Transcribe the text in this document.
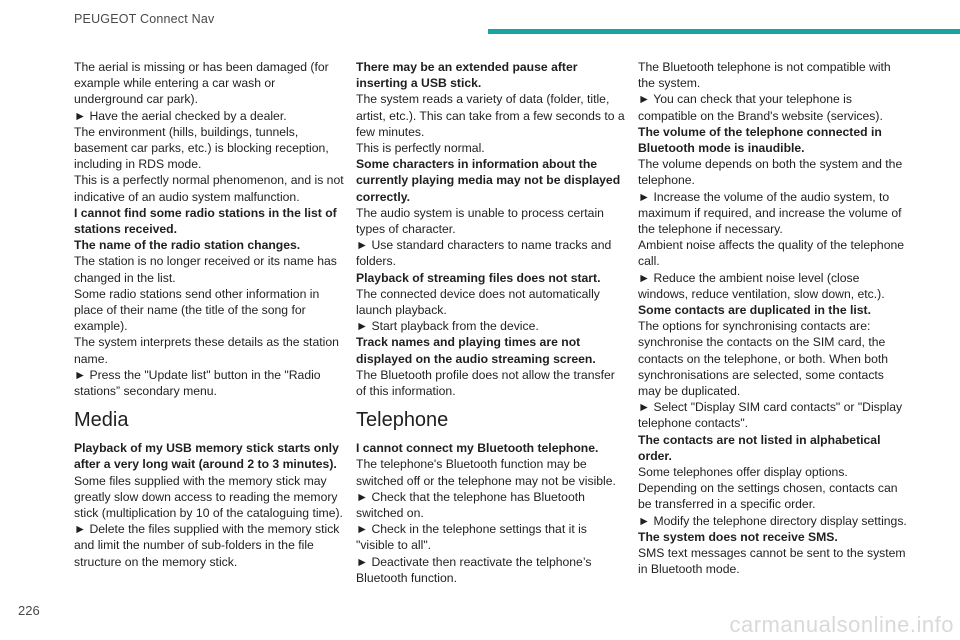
PEUGEOT Connect Nav

The aerial is missing or has been damaged (for example while entering a car wash or underground car park).

► Have the aerial checked by a dealer.

The environment (hills, buildings, tunnels, basement car parks, etc.) is blocking reception, including in RDS mode.

This is a perfectly normal phenomenon, and is not indicative of an audio system malfunction.

I cannot find some radio stations in the list of stations received.

The name of the radio station changes.

The station is no longer received or its name has changed in the list.

Some radio stations send other information in place of their name (the title of the song for example).

The system interprets these details as the station name.

► Press the "Update list" button in the "Radio stations” secondary menu.

Media

Playback of my USB memory stick starts only after a very long wait (around 2 to 3 minutes).

Some files supplied with the memory stick may greatly slow down access to reading the memory stick (multiplication by 10 of the cataloguing time).

► Delete the files supplied with the memory stick and limit the number of sub-folders in the file structure on the memory stick.

There may be an extended pause after inserting a USB stick.

The system reads a variety of data (folder, title, artist, etc.). This can take from a few seconds to a few minutes.

This is perfectly normal.

Some characters in information about the currently playing media may not be displayed correctly.

The audio system is unable to process certain types of character.

► Use standard characters to name tracks and folders.

Playback of streaming files does not start.

The connected device does not automatically launch playback.

► Start playback from the device.

Track names and playing times are not displayed on the audio streaming screen.

The Bluetooth profile does not allow the transfer of this information.

Telephone

I cannot connect my Bluetooth telephone.

The telephone's Bluetooth function may be switched off or the telephone may not be visible.

► Check that the telephone has Bluetooth switched on.

► Check in the telephone settings that it is "visible to all".

► Deactivate then reactivate the telphone’s Bluetooth function.

The Bluetooth telephone is not compatible with the system.

► You can check that your telephone is compatible on the Brand's website (services).

The volume of the telephone connected in Bluetooth mode is inaudible.

The volume depends on both the system and the telephone.

► Increase the volume of the audio system, to maximum if required, and increase the volume of the telephone if necessary.

Ambient noise affects the quality of the telephone call.

► Reduce the ambient noise level (close windows, reduce ventilation, slow down, etc.).

Some contacts are duplicated in the list.

The options for synchronising contacts are: synchronise the contacts on the SIM card, the contacts on the telephone, or both. When both synchronisations are selected, some contacts may be duplicated.

► Select "Display SIM card contacts" or "Display telephone contacts".

The contacts are not listed in alphabetical order.

Some telephones offer display options. Depending on the settings chosen, contacts can be transferred in a specific order.

► Modify the telephone directory display settings.

The system does not receive SMS.

SMS text messages cannot be sent to the system in Bluetooth mode.

226
carmanualsonline.info
